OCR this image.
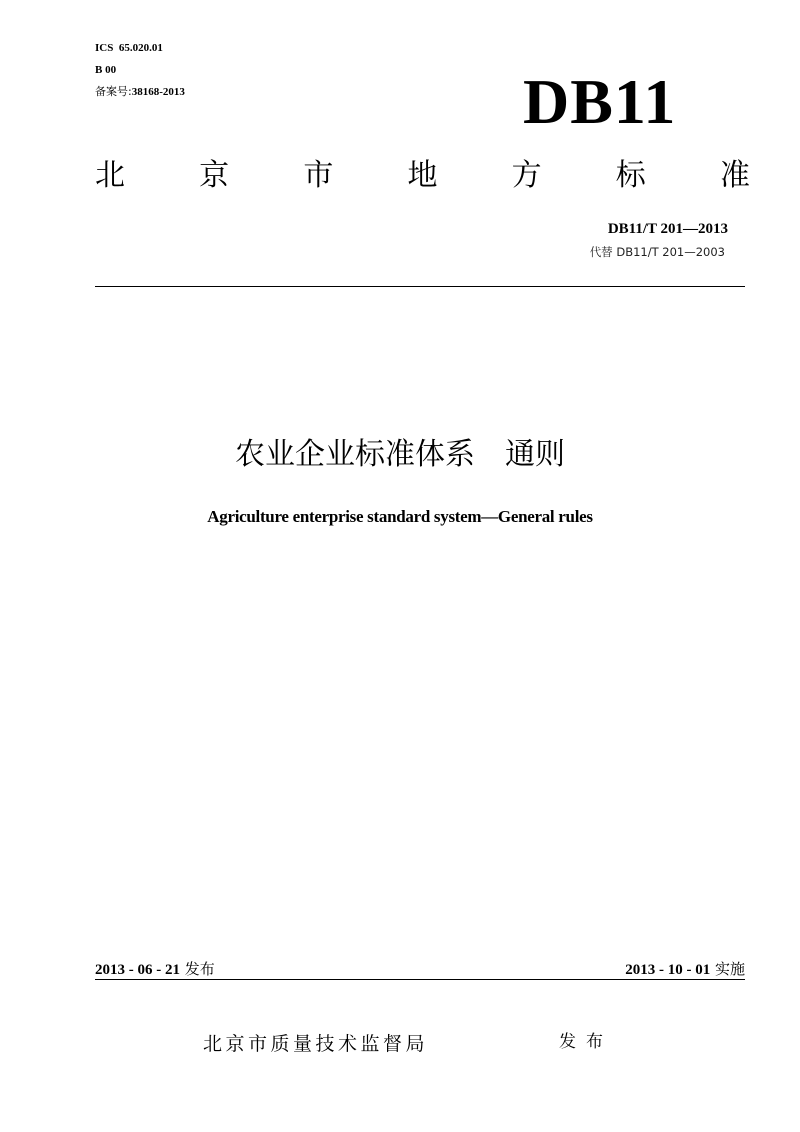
ICS  65.020.01
B 00
备案号:38168-2013	DB11
北 京 市 地 方 标 准
DB11/T 201—2013
代替 DB11/T 201—2003
农业企业标准体系　通则
Agriculture enterprise standard system—General rules
2013 - 06 - 21 发布	2013 - 10 - 01 实施
北京市质量技术监督局	发布
